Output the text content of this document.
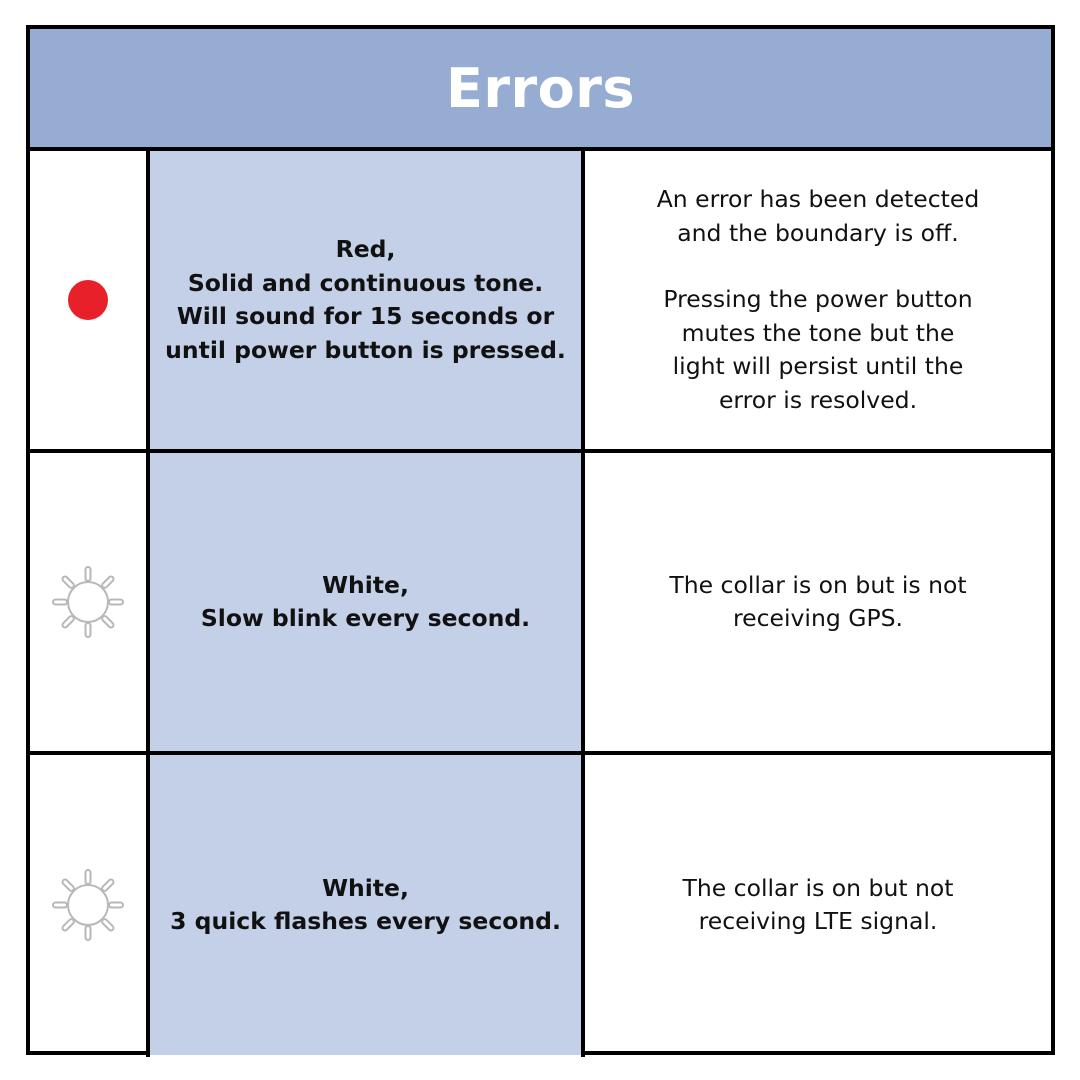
Errors
Red,
Solid and continuous tone.
Will sound for 15 seconds or
until power button is pressed.
An error has been detected
and the boundary is off.
Pressing the power button
mutes the tone but the
light will persist until the
error is resolved.
White,
Slow blink every second.
The collar is on but is not
receiving GPS.
White,
3 quick flashes every second.
The collar is on but not
receiving LTE signal.
